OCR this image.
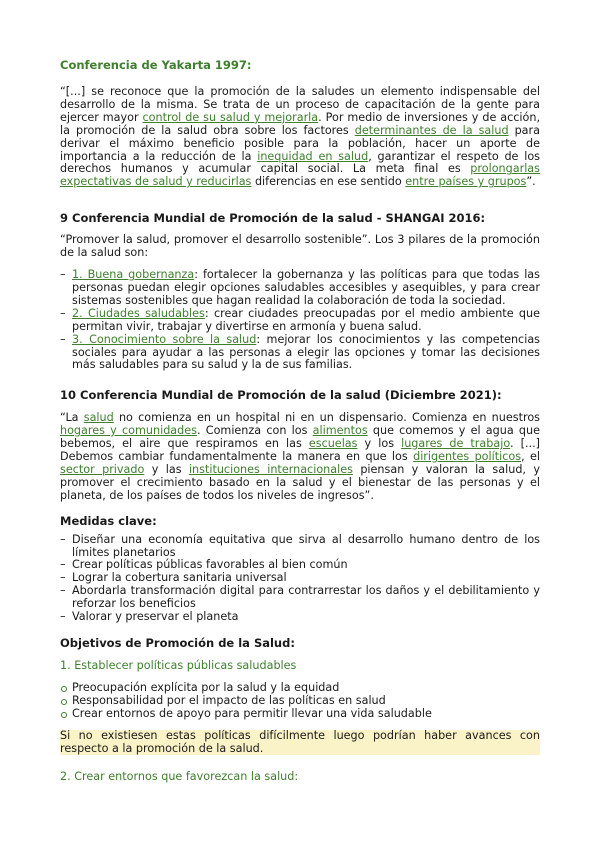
Conferencia de Yakarta 1997:

“[...] se reconoce que la promoción de la saludes un elemento indispensable del desarrollo de la misma. Se trata de un proceso de capacitación de la gente para ejercer mayor control de su salud y mejorarla. Por medio de inversiones y de acción, la promoción de la salud obra sobre los factores determinantes de la salud para derivar el máximo beneficio posible para la población, hacer un aporte de importancia a la reducción de la inequidad en salud, garantizar el respeto de los derechos humanos y acumular capital social. La meta final es prolongarlas expectativas de salud y reducirlas diferencias en ese sentido entre países y grupos”.

9 Conferencia Mundial de Promoción de la salud - SHANGAI 2016:

“Promover la salud, promover el desarrollo sostenible”. Los 3 pilares de la promoción de la salud son:

– 1. Buena gobernanza: fortalecer la gobernanza y las políticas para que todas las personas puedan elegir opciones saludables accesibles y asequibles, y para crear sistemas sostenibles que hagan realidad la colaboración de toda la sociedad.
– 2. Ciudades saludables: crear ciudades preocupadas por el medio ambiente que permitan vivir, trabajar y divertirse en armonía y buena salud.
– 3. Conocimiento sobre la salud: mejorar los conocimientos y las competencias sociales para ayudar a las personas a elegir las opciones y tomar las decisiones más saludables para su salud y la de sus familias.
10 Conferencia Mundial de Promoción de la salud (Diciembre 2021):

“La salud no comienza en un hospital ni en un dispensario. Comienza en nuestros hogares y comunidades. Comienza con los alimentos que comemos y el agua que bebemos, el aire que respiramos en las escuelas y los lugares de trabajo. [...] Debemos cambiar fundamentalmente la manera en que los dirigentes políticos, el sector privado y las instituciones internacionales piensan y valoran la salud, y promover el crecimiento basado en la salud y el bienestar de las personas y el planeta, de los países de todos los niveles de ingresos”.

Medidas clave:
– Diseñar una economía equitativa que sirva al desarrollo humano dentro de los límites planetarios
– Crear políticas públicas favorables al bien común
– Lograr la cobertura sanitaria universal
– Abordarla transformación digital para contrarrestar los daños y el debilitamiento y reforzar los beneficios
– Valorar y preservar el planeta
Objetivos de Promoción de la Salud:

1. Establecer políticas públicas saludables

Preocupación explícita por la salud y la equidad
Responsabilidad por el impacto de las políticas en salud
Crear entornos de apoyo para permitir llevar una vida saludable

Si no existiesen estas políticas difícilmente luego podrían haber avances con respecto a la promoción de la salud.

2. Crear entornos que favorezcan la salud:
